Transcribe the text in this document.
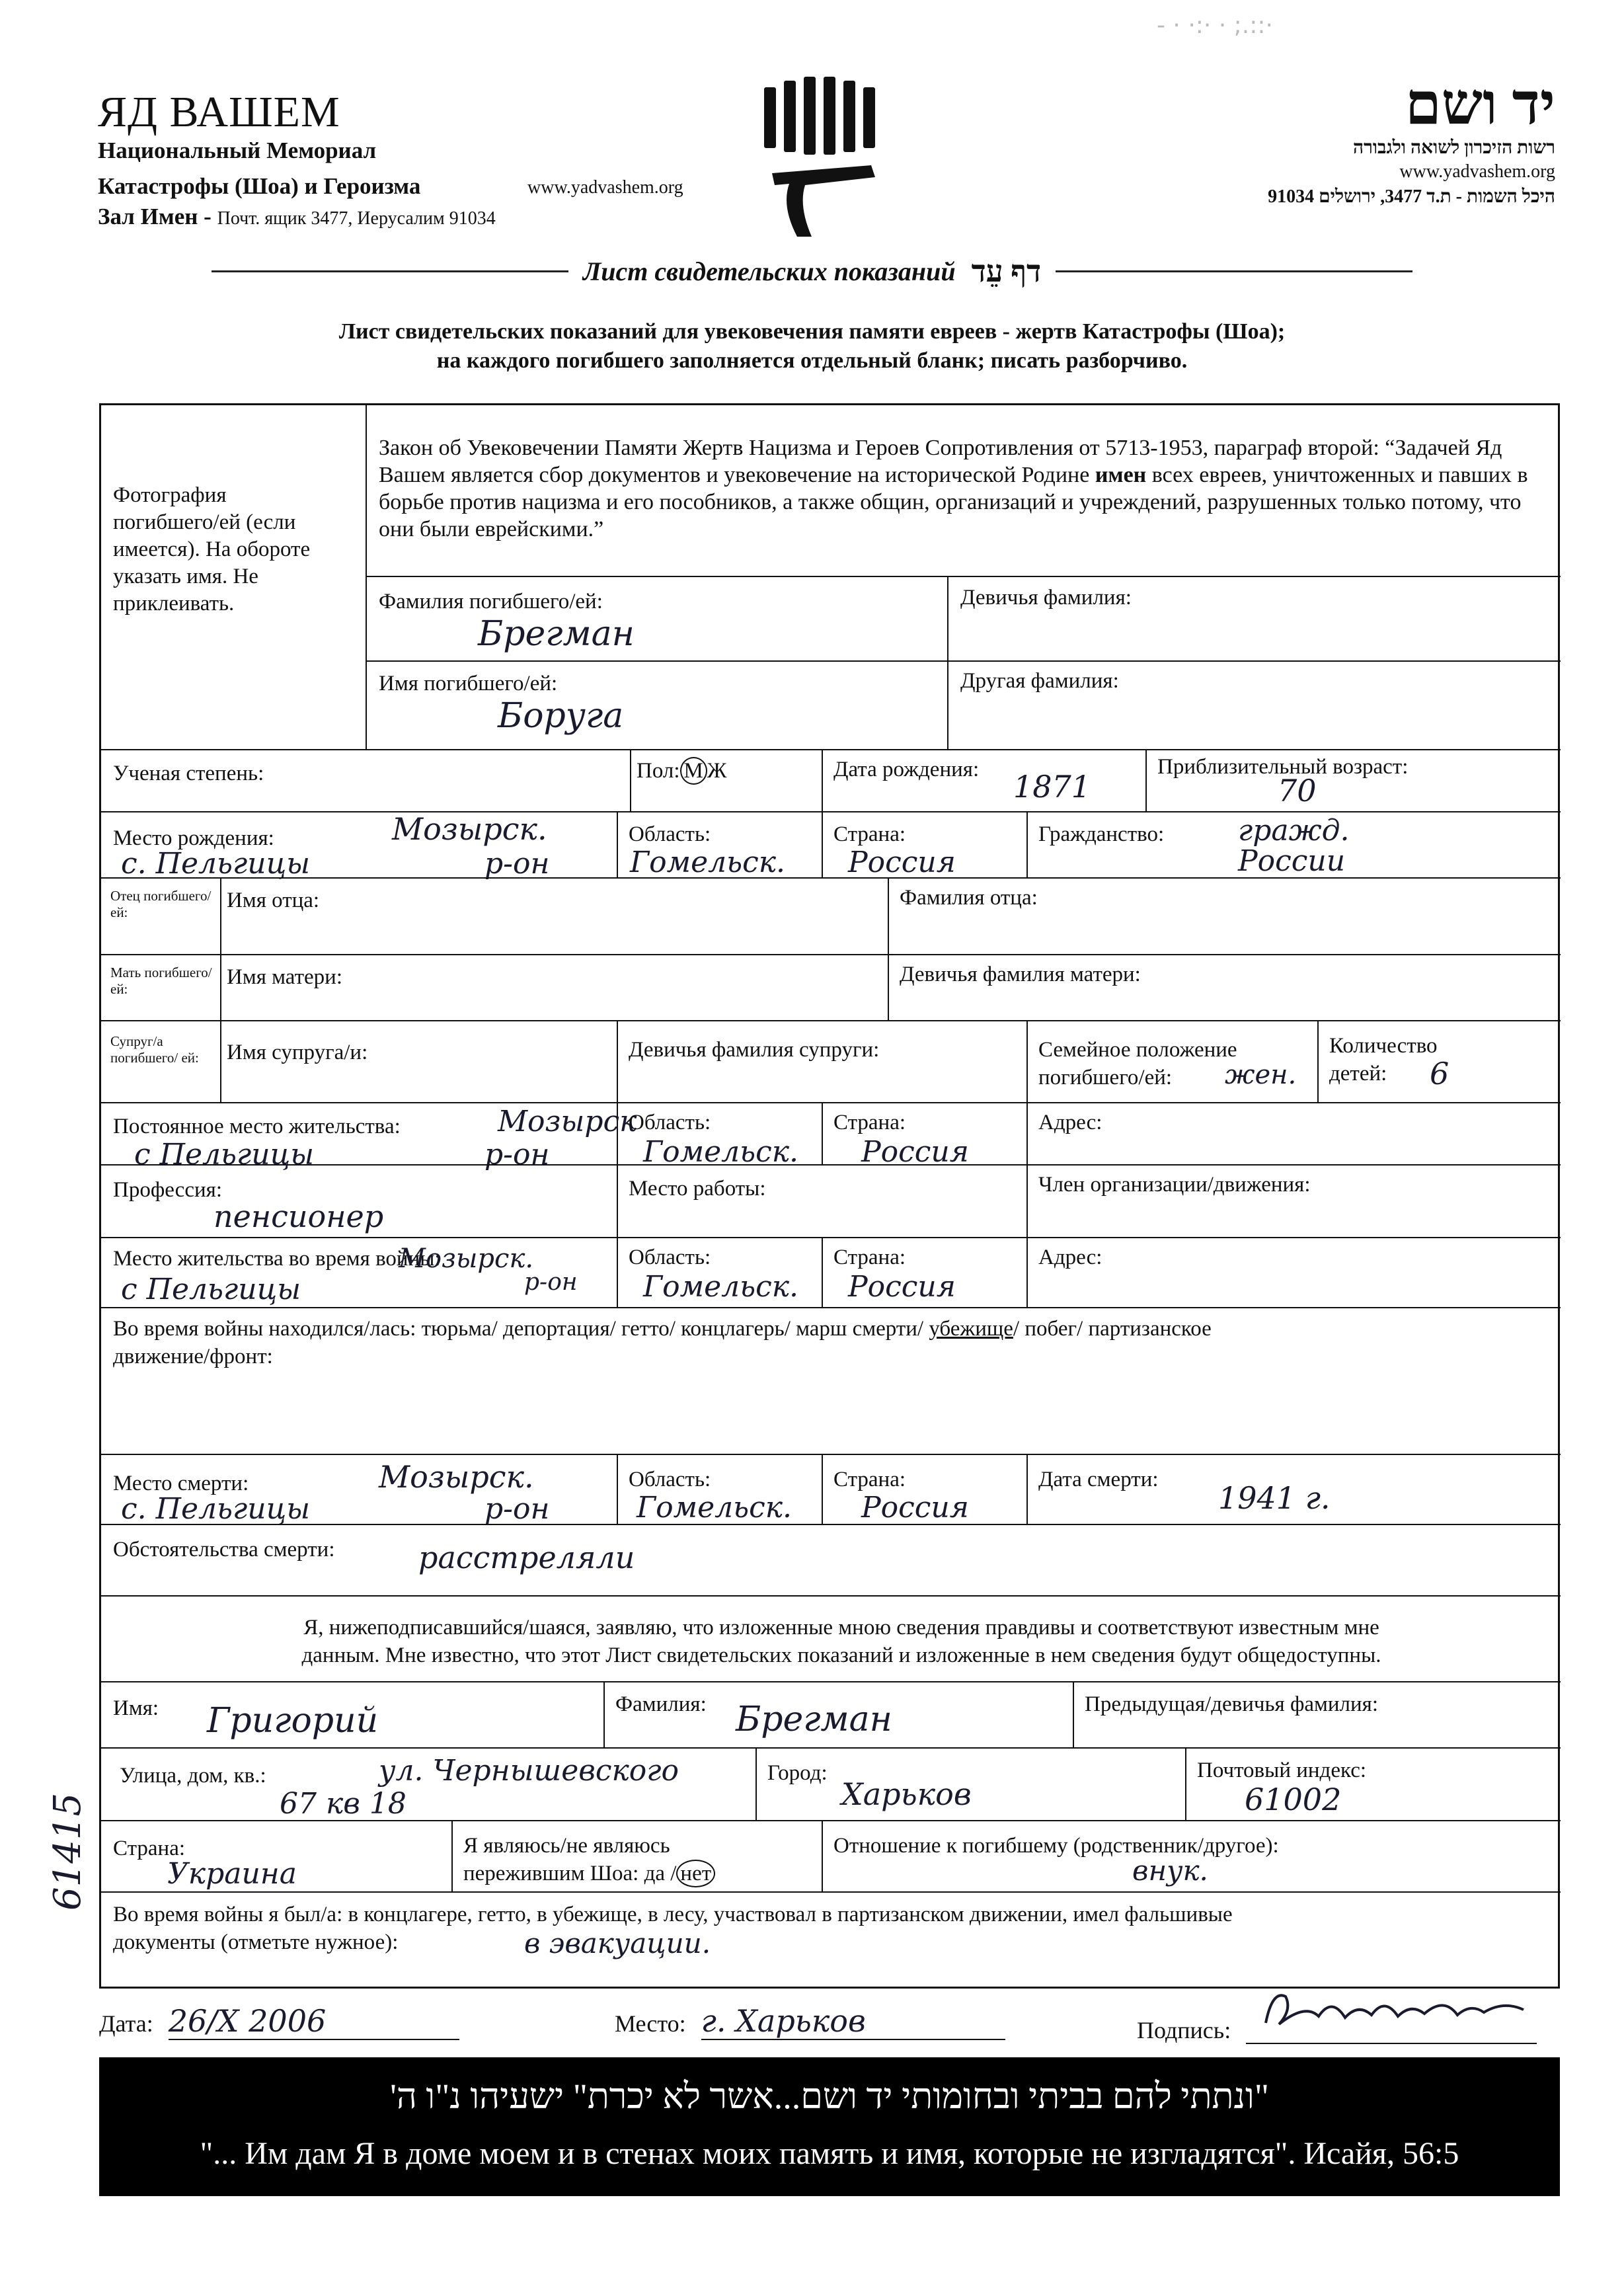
- · ·:· · ;.::·
ЯД ВАШЕМ
Национальный Мемориал
Катастрофы (Шоа) и Героизма	www.yadvashem.org
Зал Имен - Почт. ящик 3477, Иерусалим 91034
יד ושם
רשות הזיכרון לשואה ולגבורה
www.yadvashem.org
היכל השמות - ת.ד 3477, ירושלים 91034
Лист свидетельских показаний דף עֵד
Лист свидетельских показаний для увековечения памяти евреев - жертв Катастрофы (Шоа);
на каждого погибшего заполняется отдельный бланк; писать разборчиво.
Фотография погибшего/ей (если имеется). На обороте указать имя. Не приклеивать.
Закон об Увековечении Памяти Жертв Нацизма и Героев Сопротивления от 5713-1953, параграф второй: “Задачей Яд Вашем является сбор документов и увековечение на исторической Родине имен всех евреев, уничтоженных и павших в борьбе против нацизма и его пособников, а также общин, организаций и учреждений, разрушенных только потому, что они были еврейскими.”
Фамилия погибшего/ей:
Брегман
Девичья фамилия:
Имя погибшего/ей:
Боруга
Другая фамилия:
Ученая степень:	Пол: М Ж	Дата рождения: 1871
Приблизительный возраст:
70
Место рождения:	Мозырск.
с. Пельгицы	р-он
Область:
Гомельск.
Страна:
Россия
Гражданство:	гражд.
России
Отец погибшего/ ей:	Имя отца:	Фамилия отца:
Мать погибшего/ ей:	Имя матери:	Девичья фамилия матери:
Супруг/а погибшего/ ей:	Имя супруга/и:	Девичья фамилия супруги:	Семейное положение
погибшего/ей: жен.
Количество
детей: 6
Постоянное место жительства:	Мозырск
с Пельгицы	р-он
Область:
Гомельск.
Страна:
Россия
Адрес:
Профессия:
пенсионер
Место работы:	Член организации/движения:
Место жительства во время войны:
Мозырск.
с Пельгицы	р-он
Область:
Гомельск.
Страна:
Россия
Адрес:
Во время войны находился/лась: тюрьма/ депортация/ гетто/ концлагерь/ марш смерти/ убежище/ побег/ партизанское
движение/фронт:
Место смерти:	Мозырск.
с. Пельгицы	р-он
Область:
Гомельск.
Страна:
Россия
Дата смерти:
1941 г.
Обстоятельства смерти:	расстреляли
Я, нижеподписавшийся/шаяся, заявляю, что изложенные мною сведения правдивы и соответствуют известным мне
данным. Мне известно, что этот Лист свидетельских показаний и изложенные в нем сведения будут общедоступны.
Имя: Григорий	Фамилия: Брегман	Предыдущая/девичья фамилия:
Улица, дом, кв.:	ул. Чернышевского
67 кв 18
Город:
Харьков
Почтовый индекс:
61002
Страна:
Украина
Я являюсь/не являюсь
пережившим Шоа: да / нет
Отношение к погибшему (родственник/другое):
внук.
Во время войны я был/а: в концлагере, гетто, в убежище, в лесу, участвовал в партизанском движении, имел фальшивые
документы (отметьте нужное):	в эвакуации.
61415
Дата: 26/X 2006	Место: г. Харьков	Подпись:
"ונתתי להם בביתי ובחומותי יד ושם...אשר לא יכרת" ישעיהו נ"ו ה'
"... Им дам Я в доме моем и в стенах моих память и имя, которые не изгладятся". Исайя, 56:5
